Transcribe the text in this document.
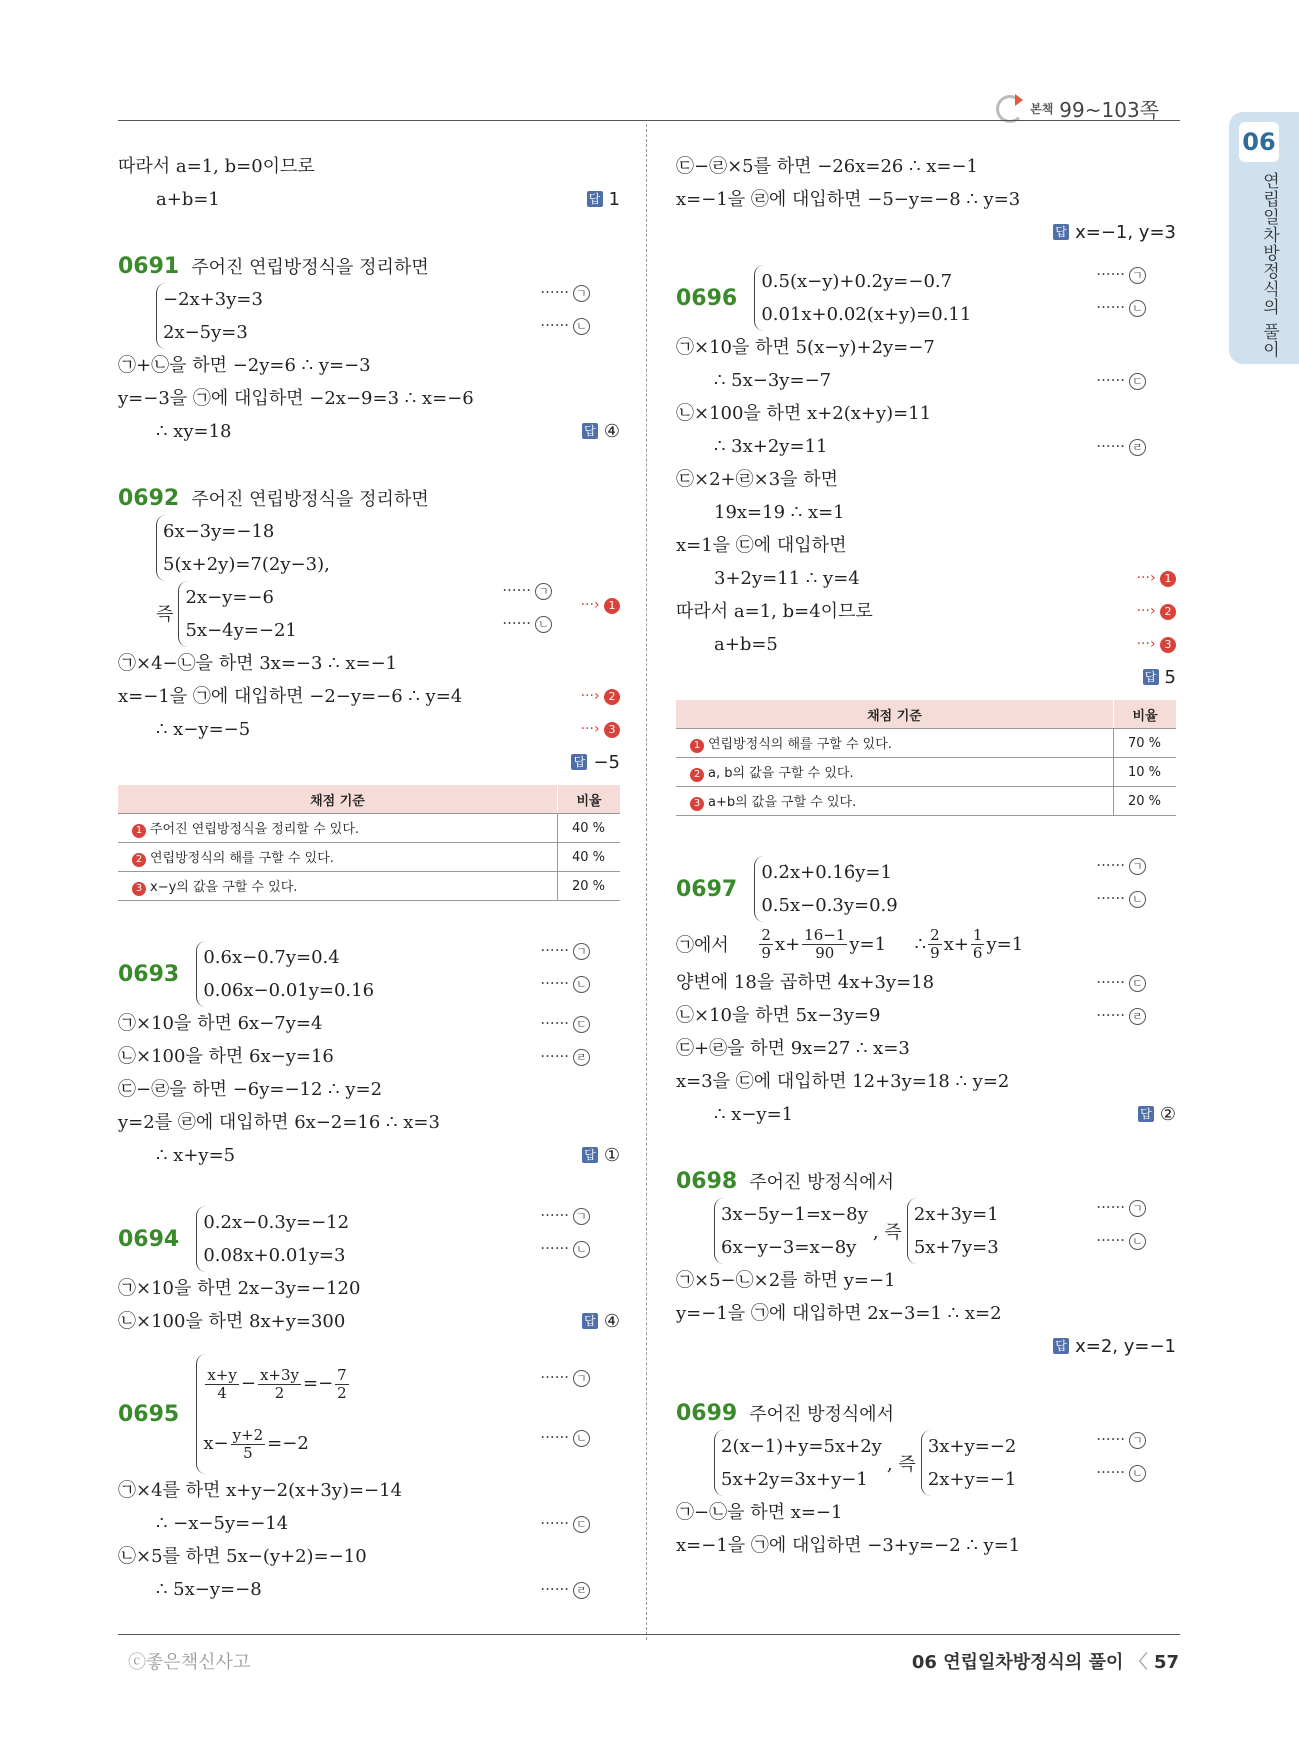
본책 99~103쪽
06
연립일차방정식의 풀이
따라서 a=1, b=0이므로
a+b=1	답 1
0691 주어진 연립방정식을 정리하면
−2x+3y=3
2x−5y=3
······ ㄱ
······ ㄴ
㉠+㉡을 하면 −2y=6 ∴ y=−3
y=−3을 ㉠에 대입하면 −2x−9=3 ∴ x=−6
∴ xy=18	답 ④
0692 주어진 연립방정식을 정리하면
6x−3y=−18
5(x+2y)=7(2y−3),
즉
2x−y=−6
5x−4y=−21
······ ㄱ
······ ㄴ
···› 1
㉠×4−㉡을 하면 3x=−3 ∴ x=−1
x=−1을 ㉠에 대입하면 −2−y=−6 ∴ y=4	···› 2
∴ x−y=−5	···› 3
답 −5
채점 기준	비율
1 주어진 연립방정식을 정리할 수 있다.	40 %
2 연립방정식의 해를 구할 수 있다.	40 %
3 x−y의 값을 구할 수 있다.	20 %
0693
0.6x−0.7y=0.4
0.06x−0.01y=0.16
······ ㄱ
······ ㄴ
㉠×10을 하면 6x−7y=4	······ ㄷ
㉡×100을 하면 6x−y=16	······ ㄹ
㉢−㉣을 하면 −6y=−12 ∴ y=2
y=2를 ㉣에 대입하면 6x−2=16 ∴ x=3
∴ x+y=5	답 ①
0694
0.2x−0.3y=−12
0.08x+0.01y=3
······ ㄱ
······ ㄴ
㉠×10을 하면 2x−3y=−120
㉡×100을 하면 8x+y=300	답 ④
0695
$\frac{x+y}{4} - \frac{x+3y}{2} =- \frac{7}{2}$
$x- \frac{y+2}{5} =-2$
······ ㄱ
······ ㄴ
㉠×4를 하면 x+y−2(x+3y)=−14
∴ −x−5y=−14	······ ㄷ
㉡×5를 하면 5x−(y+2)=−10
∴ 5x−y=−8	······ ㄹ
㉢−㉣×5를 하면 −26x=26 ∴ x=−1
x=−1을 ㉣에 대입하면 −5−y=−8 ∴ y=3
답 x=−1, y=3
0696
0.5(x−y)+0.2y=−0.7
0.01x+0.02(x+y)=0.11
······ ㄱ
······ ㄴ
㉠×10을 하면 5(x−y)+2y=−7
∴ 5x−3y=−7	······ ㄷ
㉡×100을 하면 x+2(x+y)=11
∴ 3x+2y=11	······ ㄹ
㉢×2+㉣×3을 하면
19x=19 ∴ x=1
x=1을 ㉢에 대입하면
3+2y=11 ∴ y=4	···› 1
따라서 a=1, b=4이므로	···› 2
a+b=5	···› 3
답 5
채점 기준	비율
1 연립방정식의 해를 구할 수 있다.	70 %
2 a, b의 값을 구할 수 있다.	10 %
3 a+b의 값을 구할 수 있다.	20 %
0697
0.2̇x+0.16̇y=1
0.5x−0.3y=0.9
······ ㄱ
······ ㄴ
㉠에서 $\frac{2}{9} x+ \frac{16-1}{90} y=1$     ∴ $\frac{2}{9} x+ \frac{1}{6} y=1$
양변에 18을 곱하면 4x+3y=18	······ ㄷ
㉡×10을 하면 5x−3y=9	······ ㄹ
㉢+㉣을 하면 9x=27 ∴ x=3
x=3을 ㉢에 대입하면 12+3y=18 ∴ y=2
∴ x−y=1	답 ②
0698 주어진 방정식에서
3x−5y−1=x−8y
6x−y−3=x−8y
, 즉
2x+3y=1
5x+7y=3
······ ㄱ
······ ㄴ
㉠×5−㉡×2를 하면 y=−1
y=−1을 ㉠에 대입하면 2x−3=1 ∴ x=2
답 x=2, y=−1
0699 주어진 방정식에서
2(x−1)+y=5x+2y
5x+2y=3x+y−1
, 즉
3x+y=−2
2x+y=−1
······ ㄱ
······ ㄴ
㉠−㉡을 하면 x=−1
x=−1을 ㉠에 대입하면 −3+y=−2 ∴ y=1
ⓒ좋은책신사고	06 연립일차방정식의 풀이 〈 57
